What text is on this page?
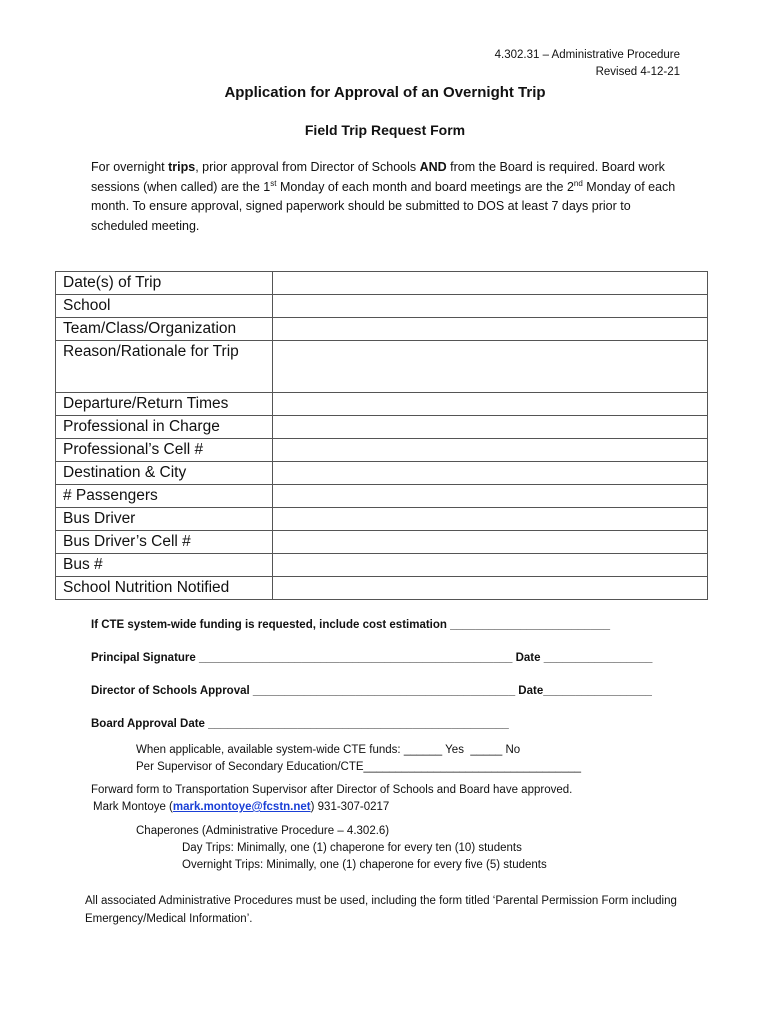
4.302.31 – Administrative Procedure
Revised 4-12-21
Application for Approval of an Overnight Trip
Field Trip Request Form
For overnight trips, prior approval from Director of Schools AND from the Board is required. Board work sessions (when called) are the 1st Monday of each month and board meetings are the 2nd Monday of each month. To ensure approval, signed paperwork should be submitted to DOS at least 7 days prior to scheduled meeting.
Date(s) of Trip	
School	
Team/Class/Organization	
Reason/Rationale for Trip	
Departure/Return Times	
Professional in Charge	
Professional’s Cell #	
Destination & City	
# Passengers	
Bus Driver	
Bus Driver’s Cell #	
Bus #	
School Nutrition Notified	
If CTE system-wide funding is requested, include cost estimation _________________________
Principal Signature _________________________________________________ Date _________________
Director of Schools Approval _________________________________________ Date_________________
Board Approval Date _______________________________________________
When applicable, available system-wide CTE funds: ______ Yes  _____ No
Per Supervisor of Secondary Education/CTE__________________________________
Forward form to Transportation Supervisor after Director of Schools and Board have approved.
Mark Montoye (mark.montoye@fcstn.net) 931-307-0217
Chaperones (Administrative Procedure – 4.302.6)
Day Trips: Minimally, one (1) chaperone for every ten (10) students
Overnight Trips: Minimally, one (1) chaperone for every five (5) students
All associated Administrative Procedures must be used, including the form titled ‘Parental Permission Form including Emergency/Medical Information’.
